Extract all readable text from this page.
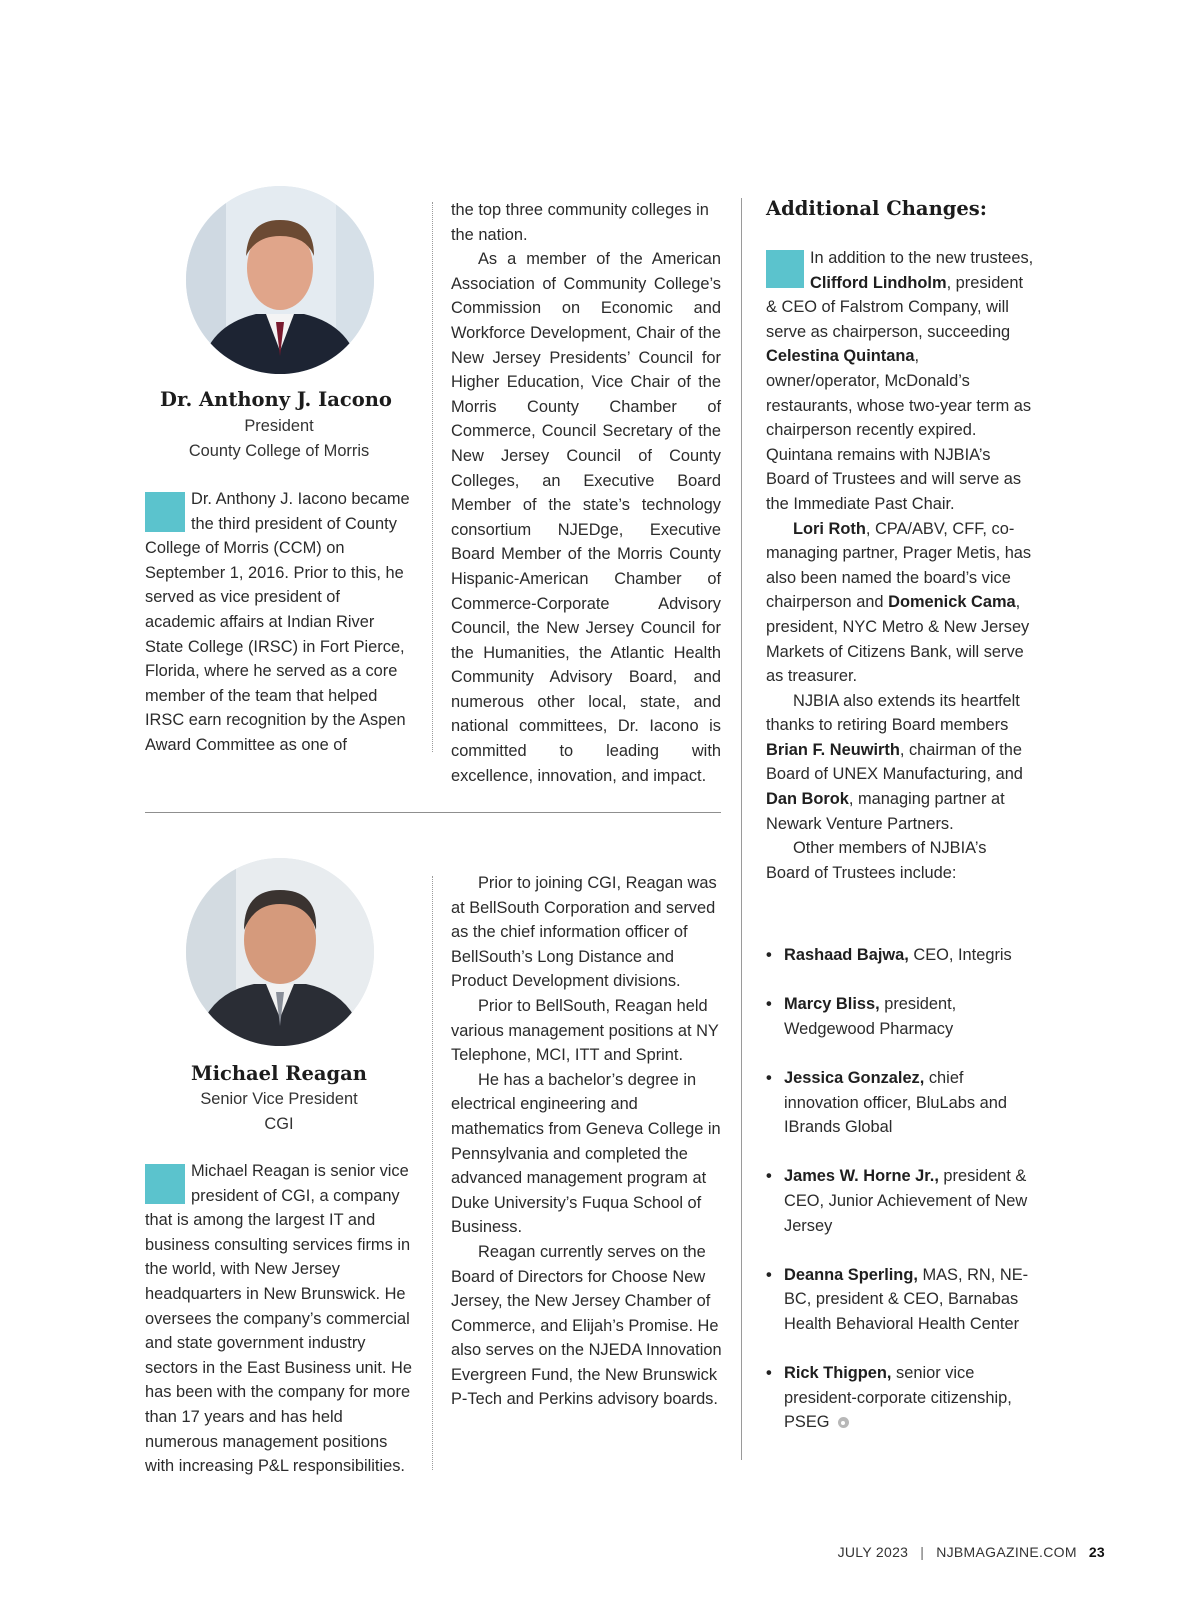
Dr. Anthony J. Iacono
President
County College of Morris
Dr. Anthony J. Iacono became the third president of County College of Morris (CCM) on September 1, 2016. Prior to this, he served as vice president of academic affairs at Indian River State College (IRSC) in Fort Pierce, Florida, where he served as a core member of the team that helped IRSC earn recognition by the Aspen Award Committee as one of

the top three community colleges in the nation.

As a member of the American Association of Community College’s Commission on Economic and Workforce Development, Chair of the New Jersey Presidents’ Council for Higher Education, Vice Chair of the Morris County Chamber of Commerce, Council Secretary of the New Jersey Council of County Colleges, an Executive Board Member of the state’s technology consortium NJEDge, Executive Board Member of the Morris County Hispanic-American Chamber of Commerce-Corporate Advisory Council, the New Jersey Council for the Humanities, the Atlantic Health Community Advisory Board, and numerous other local, state, and national committees, Dr. Iacono is committed to leading with excellence, innovation, and impact.

Michael Reagan
Senior Vice President
CGI
Michael Reagan is senior vice president of CGI, a company that is among the largest IT and business consulting services firms in the world, with New Jersey headquarters in New Brunswick. He oversees the company’s commercial and state government industry sectors in the East Business unit. He has been with the company for more than 17 years and has held numerous management positions with increasing P&L responsibilities.

Prior to joining CGI, Reagan was at BellSouth Corporation and served as the chief information officer of BellSouth’s Long Distance and Product Development divisions.

Prior to BellSouth, Reagan held various management positions at NY Telephone, MCI, ITT and Sprint.

He has a bachelor’s degree in electrical engineering and mathematics from Geneva College in Pennsylvania and completed the advanced management program at Duke University’s Fuqua School of Business.

Reagan currently serves on the Board of Directors for Choose New Jersey, the New Jersey Chamber of Commerce, and Elijah’s Promise. He also serves on the NJEDA Innovation Evergreen Fund, the New Brunswick P-Tech and Perkins advisory boards.

Additional Changes:

In addition to the new trustees, Clifford Lindholm, president & CEO of Falstrom Company, will serve as chairperson, succeeding Celestina Quintana, owner/operator, McDonald’s restaurants, whose two-year term as chairperson recently expired. Quintana remains with NJBIA’s Board of Trustees and will serve as the Immediate Past Chair.

Lori Roth, CPA/ABV, CFF, co-managing partner, Prager Metis, has also been named the board’s vice chairperson and Domenick Cama, president, NYC Metro & New Jersey Markets of Citizens Bank, will serve as treasurer.

NJBIA also extends its heartfelt thanks to retiring Board members Brian F. Neuwirth, chairman of the Board of UNEX Manufacturing, and Dan Borok, managing partner at Newark Venture Partners.

Other members of NJBIA’s Board of Trustees include:

• Rashaad Bajwa, CEO, Integris
• Marcy Bliss, president, Wedgewood Pharmacy
• Jessica Gonzalez, chief innovation officer, BluLabs and IBrands Global
• James W. Horne Jr., president & CEO, Junior Achievement of New Jersey
• Deanna Sperling, MAS, RN, NE-BC, president & CEO, Barnabas Health Behavioral Health Center
• Rick Thigpen, senior vice president-corporate citizenship, PSEG
JULY 2023 | NJBMAGAZINE.COM 23
